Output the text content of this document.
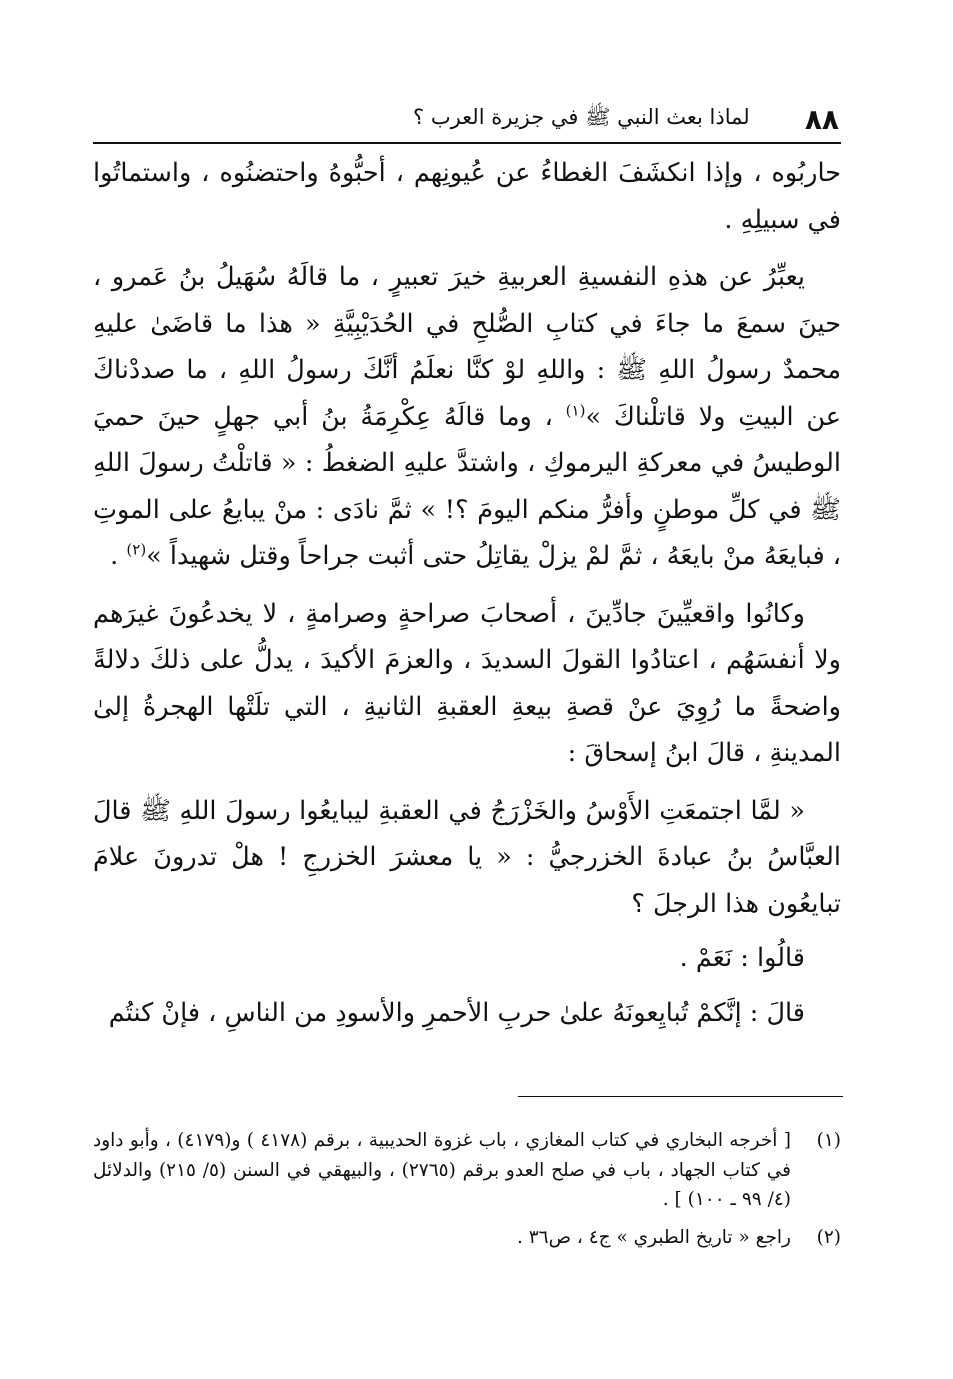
٨٨
لماذا بعث النبي ﷺ في جزيرة العرب ؟

حاربُوه ، وإذا انكشَفَ الغطاءُ عن عُيونِهم ، أحبُّوهُ واحتضنُوه ، واستماتُوا في سبيلِهِ .

يعبِّرُ عن هذهِ النفسيةِ العربيةِ خيرَ تعبيرٍ ، ما قالَهُ سُهَيلُ بنُ عَمرو ، حينَ سمعَ ما جاءَ في كتابِ الصُّلحِ في الحُدَيْبِيَّةِ « هذا ما قاضَىٰ عليهِ محمدٌ رسولُ اللهِ ﷺ : واللهِ لوْ كنَّا نعلَمُ أنَّكَ رسولُ اللهِ ، ما صددْناكَ عن البيتِ ولا قاتلْناكَ »$^{(١)}$ ، وما قالَهُ عِكْرِمَةُ بنُ أبي جهلٍ حينَ حميَ الوطيسُ في معركةِ اليرموكِ ، واشتدَّ عليهِ الضغطُ : « قاتلْتُ رسولَ اللهِ ﷺ في كلِّ موطنٍ وأفرُّ منكم اليومَ ؟! » ثمَّ نادَى : منْ يبايعُ على الموتِ ، فبايعَهُ منْ بايعَهُ ، ثمَّ لمْ يزلْ يقاتِلُ حتى أثبت جراحاً وقتل شهيداً »$^{(٢)}$ .

وكانُوا واقعيِّينَ جادِّينَ ، أصحابَ صراحةٍ وصرامةٍ ، لا يخدعُونَ غيرَهم ولا أنفسَهُم ، اعتادُوا القولَ السديدَ ، والعزمَ الأكيدَ ، يدلُّ على ذلكَ دلالةً واضحةً ما رُوِيَ عنْ قصةِ بيعةِ العقبةِ الثانيةِ ، التي تلَتْها الهجرةُ إلىٰ المدينةِ ، قالَ ابنُ إسحاقَ :

« لمَّا اجتمعَتِ الأَوْسُ والخَزْرَجُ في العقبةِ ليبايعُوا رسولَ اللهِ ﷺ قالَ العبَّاسُ بنُ عبادةَ الخزرجيُّ : « يا معشرَ الخزرجِ ! هلْ تدرونَ علامَ تبايعُون هذا الرجلَ ؟

قالُوا : نَعَمْ .

قالَ : إنَّكمْ تُبايِعونَهُ علىٰ حربِ الأحمرِ والأسودِ من الناسِ ، فإنْ كنتُم

(١)
[ أخرجه البخاري في كتاب المغازي ، باب غزوة الحديبية ، برقم (٤١٧٨ ) و(٤١٧٩) ، وأبو داود في كتاب الجهاد ، باب في صلح العدو برقم (٢٧٦٥) ، والبيهقي في السنن (٥/ ٢١٥) والدلائل (٤/ ٩٩ ـ ١٠٠) ] .
(٢)
راجع « تاريخ الطبري » ج٤ ، ص٣٦ .
